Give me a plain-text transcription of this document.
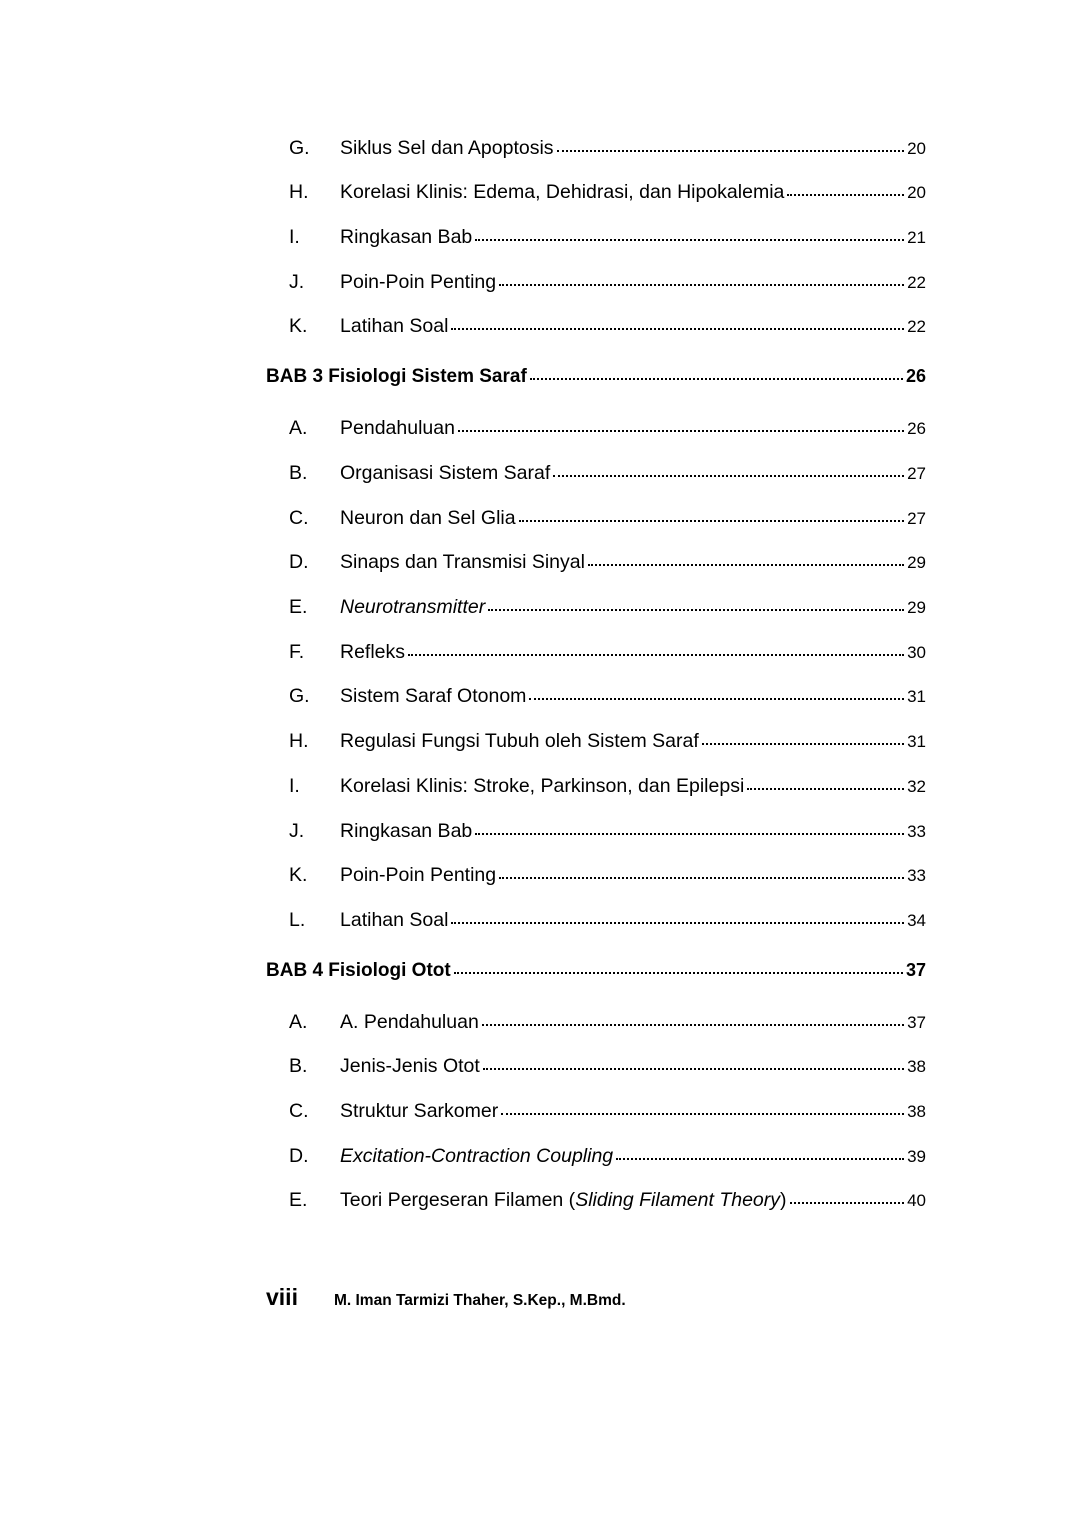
G.	Siklus Sel dan Apoptosis	20
H.	Korelasi Klinis: Edema, Dehidrasi, dan Hipokalemia	20
I.	Ringkasan Bab	21
J.	Poin-Poin Penting	22
K.	Latihan Soal	22
BAB 3 Fisiologi Sistem Saraf	26
A.	Pendahuluan	26
B.	Organisasi Sistem Saraf	27
C.	Neuron dan Sel Glia	27
D.	Sinaps dan Transmisi Sinyal	29
E.	Neurotransmitter	29
F.	Refleks	30
G.	Sistem Saraf Otonom	31
H.	Regulasi Fungsi Tubuh oleh Sistem Saraf	31
I.	Korelasi Klinis: Stroke, Parkinson, dan Epilepsi	32
J.	Ringkasan Bab	33
K.	Poin-Poin Penting	33
L.	Latihan Soal	34
BAB 4 Fisiologi Otot	37
A.	A. Pendahuluan	37
B.	Jenis-Jenis Otot	38
C.	Struktur Sarkomer	38
D.	Excitation-Contraction Coupling	39
E.	Teori Pergeseran Filamen (Sliding Filament Theory)	40
viii M. Iman Tarmizi Thaher, S.Kep., M.Bmd.
